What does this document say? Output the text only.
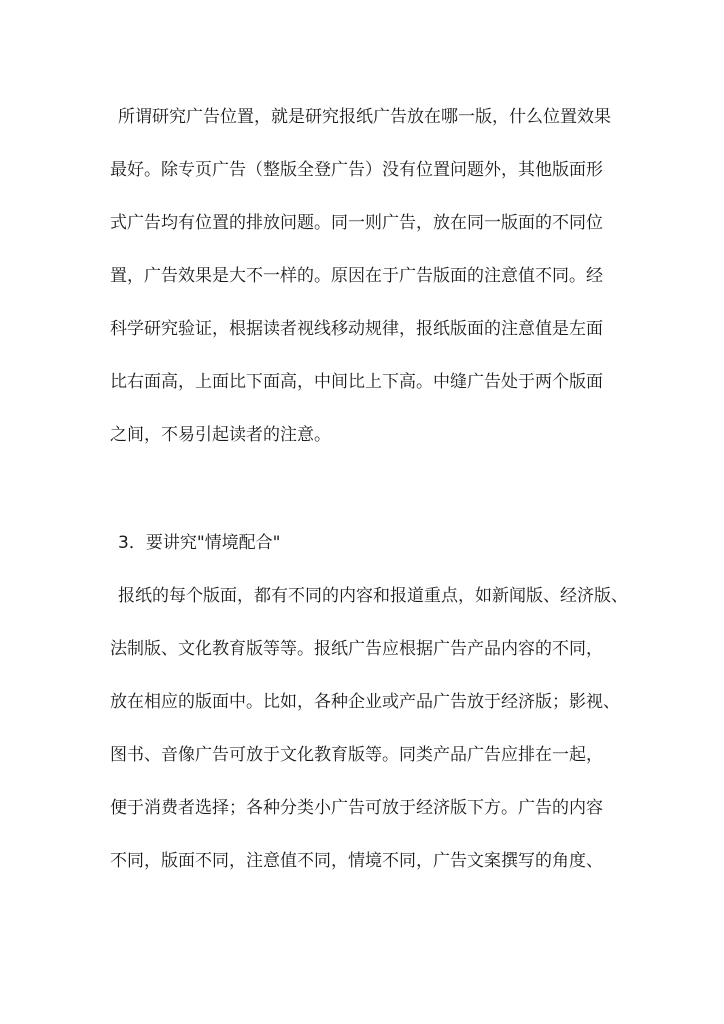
所谓研究广告位置，就是研究报纸广告放在哪一版，什么位置效果
最好。除专页广告（整版全登广告）没有位置问题外，其他版面形
式广告均有位置的排放问题。同一则广告，放在同一版面的不同位
置，广告效果是大不一样的。原因在于广告版面的注意值不同。经
科学研究验证，根据读者视线移动规律，报纸版面的注意值是左面
比右面高，上面比下面高，中间比上下高。中缝广告处于两个版面
之间，不易引起读者的注意。
3．要讲究"情境配合"
报纸的每个版面，都有不同的内容和报道重点，如新闻版、经济版、
法制版、文化教育版等等。报纸广告应根据广告产品内容的不同，
放在相应的版面中。比如，各种企业或产品广告放于经济版；影视、
图书、音像广告可放于文化教育版等。同类产品广告应排在一起，
便于消费者选择；各种分类小广告可放于经济版下方。广告的内容
不同，版面不同，注意值不同，情境不同，广告文案撰写的角度、
